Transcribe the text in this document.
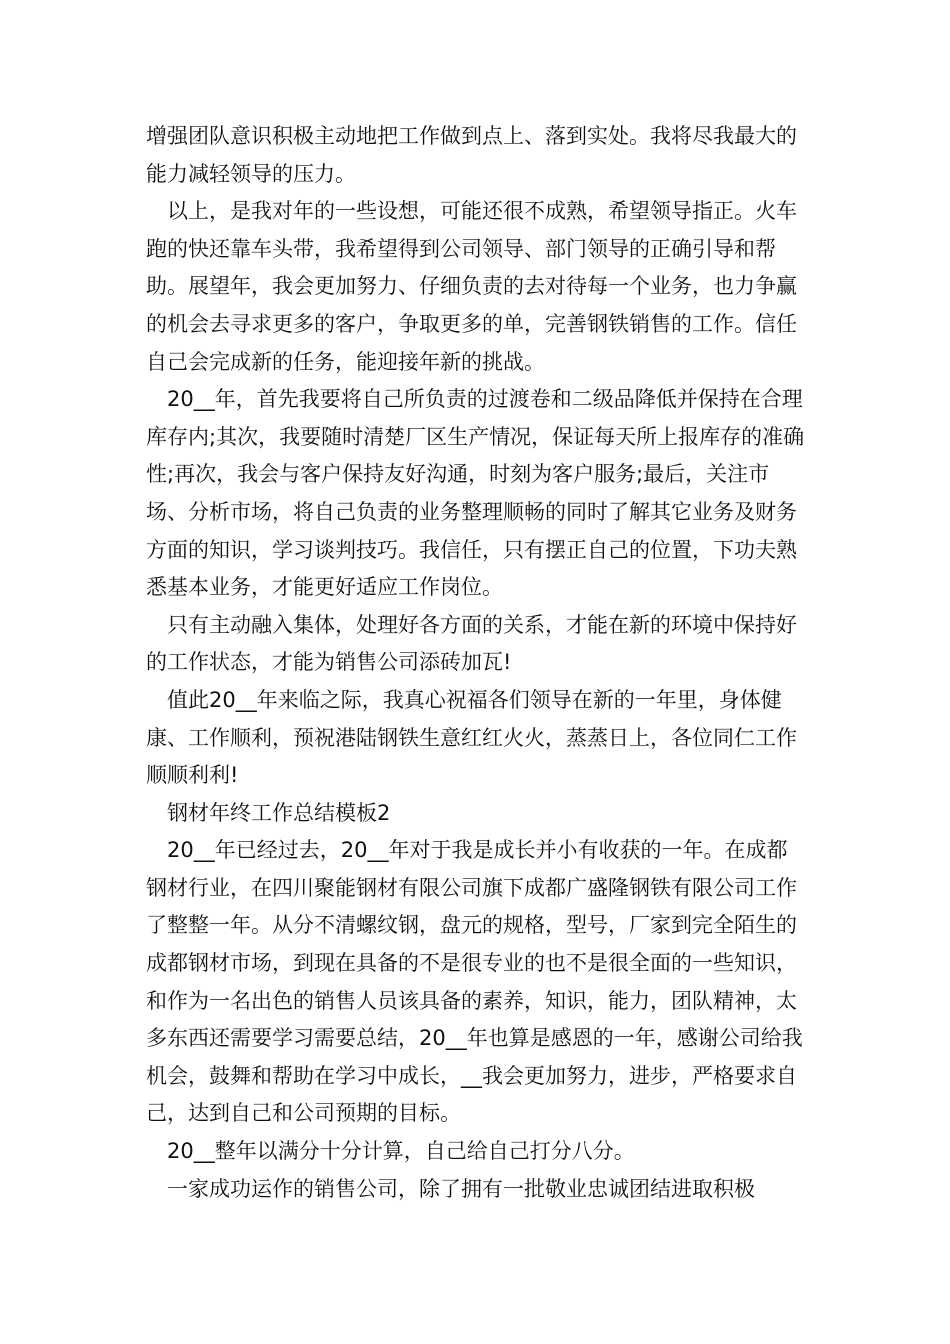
增强团队意识积极主动地把工作做到点上、落到实处。我将尽我最大的能力减轻领导的压力。

以上，是我对年的一些设想，可能还很不成熟，希望领导指正。火车跑的快还靠车头带，我希望得到公司领导、部门领导的正确引导和帮助。展望年，我会更加努力、仔细负责的去对待每一个业务，也力争赢的机会去寻求更多的客户，争取更多的单，完善钢铁销售的工作。信任自己会完成新的任务，能迎接年新的挑战。

20__年，首先我要将自己所负责的过渡卷和二级品降低并保持在合理库存内;其次，我要随时清楚厂区生产情况，保证每天所上报库存的准确性;再次，我会与客户保持友好沟通，时刻为客户服务;最后，关注市场、分析市场，将自己负责的业务整理顺畅的同时了解其它业务及财务方面的知识，学习谈判技巧。我信任，只有摆正自己的位置，下功夫熟悉基本业务，才能更好适应工作岗位。

只有主动融入集体，处理好各方面的关系，才能在新的环境中保持好的工作状态，才能为销售公司添砖加瓦!

值此20__年来临之际，我真心祝福各们领导在新的一年里，身体健康、工作顺利，预祝港陆钢铁生意红红火火，蒸蒸日上，各位同仁工作顺顺利利!

钢材年终工作总结模板2

20__年已经过去，20__年对于我是成长并小有收获的一年。在成都钢材行业，在四川聚能钢材有限公司旗下成都广盛隆钢铁有限公司工作了整整一年。从分不清螺纹钢，盘元的规格，型号，厂家到完全陌生的成都钢材市场，到现在具备的不是很专业的也不是很全面的一些知识，和作为一名出色的销售人员该具备的素养，知识，能力，团队精神，太多东西还需要学习需要总结，20__年也算是感恩的一年，感谢公司给我机会，鼓舞和帮助在学习中成长，__我会更加努力，进步，严格要求自己，达到自己和公司预期的目标。

20__整年以满分十分计算，自己给自己打分八分。

一家成功运作的销售公司，除了拥有一批敬业忠诚团结进取积极
